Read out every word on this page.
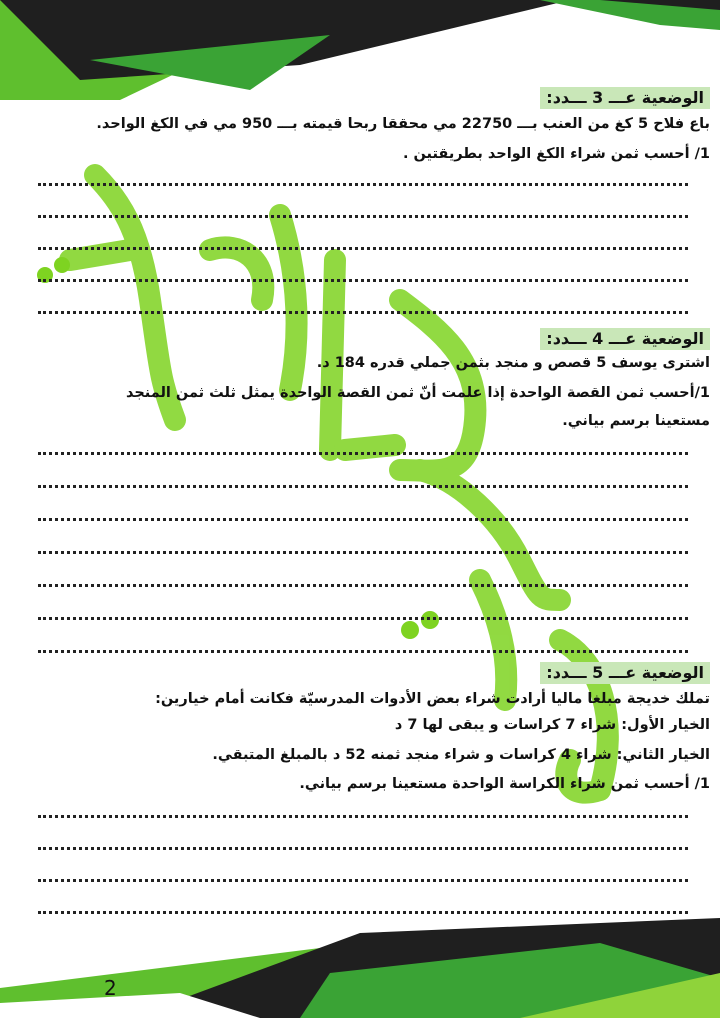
الوضعية عـــ 3 ـــدد:
باع فلاح 5 كغ من العنب بـــ 22750 مي محققا ربحا قيمته بـــ 950 مي في الكغ الواحد.
1/ أحسب ثمن شراء الكغ الواحد بطريقتين .
الوضعية عـــ 4 ـــدد:
اشترى يوسف 5 قصص و منجد بثمن جملي قدره 184 د.
1/أحسب ثمن القصة الواحدة إذا علمت أنّ ثمن القصة الواحدة يمثل ثلث ثمن المنجد
مستعينا برسم بياني.
الوضعية عـــ 5 ـــدد:
تملك خديجة مبلغا ماليا أرادت شراء بعض الأدوات المدرسيّة فكانت أمام خيارين:
الخيار الأول: شراء 7 كراسات و يبقى لها 7 د
الخيار الثاني: شراء 4 كراسات و شراء منجد ثمنه 52 د بالمبلغ المتبقي.
1/ أحسب ثمن شراء الكراسة الواحدة مستعينا برسم بياني.
2
